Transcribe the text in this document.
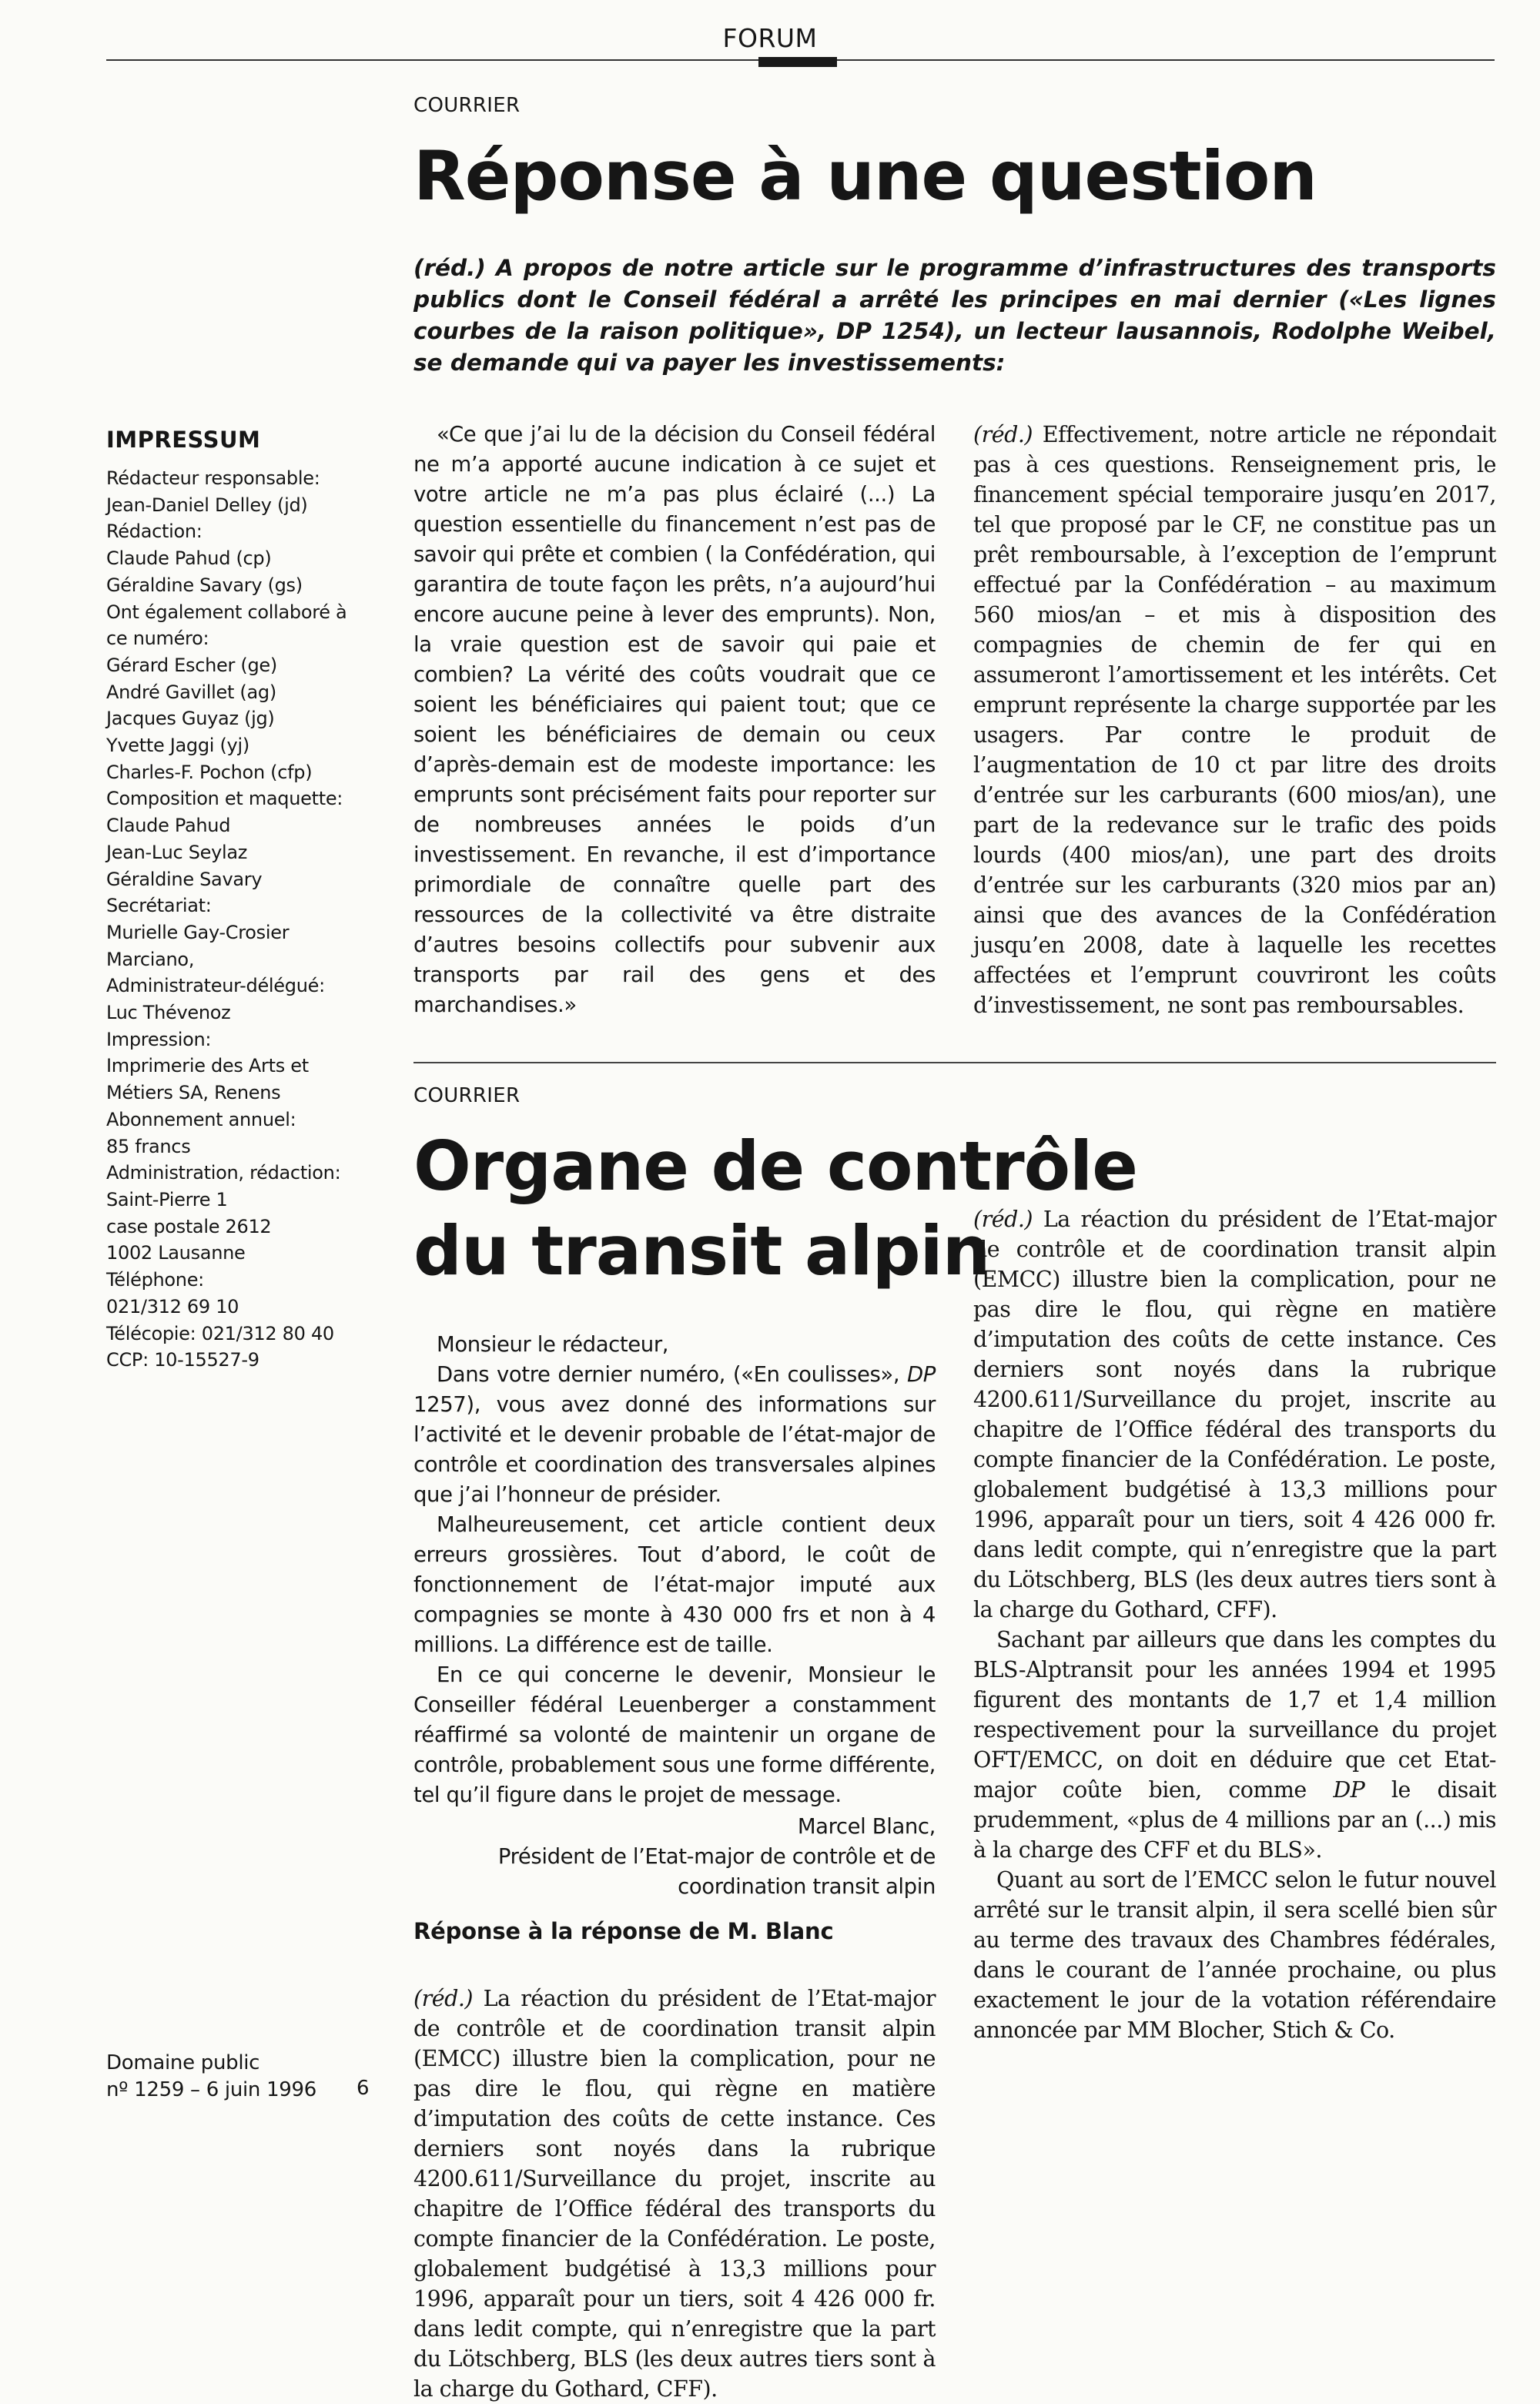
FORUM
COURRIER
Réponse à une question
(réd.) A propos de notre article sur le programme d’infrastructures des transports publics dont le Conseil fédéral a arrêté les principes en mai dernier («Les lignes courbes de la raison politique», DP 1254), un lecteur lausannois, Rodolphe Weibel, se demande qui va payer les investissements:

«Ce que j’ai lu de la décision du Conseil fédéral ne m’a apporté aucune indication à ce sujet et votre article ne m’a pas plus éclairé (...) La question essentielle du financement n’est pas de savoir qui prête et combien ( la Confédération, qui garantira de toute façon les prêts, n’a aujourd’hui encore aucune peine à lever des emprunts). Non, la vraie question est de savoir qui paie et combien? La vérité des coûts voudrait que ce soient les bénéficiaires qui paient tout; que ce soient les bénéficiaires de demain ou ceux d’après-demain est de modeste importance: les emprunts sont précisément faits pour reporter sur de nombreuses années le poids d’un investissement. En revanche, il est d’importance primordiale de connaître quelle part des ressources de la collectivité va être distraite d’autres besoins collectifs pour subvenir aux transports par rail des gens et des marchandises.»

(réd.) Effectivement, notre article ne répondait pas à ces questions. Renseignement pris, le financement spécial temporaire jusqu’en 2017, tel que proposé par le CF, ne constitue pas un prêt remboursable, à l’exception de l’emprunt effectué par la Confédération – au maximum 560 mios/an – et mis à disposition des compagnies de chemin de fer qui en assumeront l’amortissement et les intérêts. Cet emprunt représente la charge supportée par les usagers. Par contre le produit de l’augmentation de 10 ct par litre des droits d’entrée sur les carburants (600 mios/an), une part de la redevance sur le trafic des poids lourds (400 mios/an), une part des droits d’entrée sur les carburants (320 mios par an) ainsi que des avances de la Confédération jusqu’en 2008, date à laquelle les recettes affectées et l’emprunt couvriront les coûts d’investissement, ne sont pas remboursables.

COURRIER
Organe de contrôle
du transit alpin

Monsieur le rédacteur,

Dans votre dernier numéro, («En coulisses», DP 1257), vous avez donné des informations sur l’activité et le devenir probable de l’état-major de contrôle et coordination des transversales alpines que j’ai l’honneur de présider.

Malheureusement, cet article contient deux erreurs grossières. Tout d’abord, le coût de fonctionnement de l’état-major imputé aux compagnies se monte à 430 000 frs et non à 4 millions. La différence est de taille.

En ce qui concerne le devenir, Monsieur le Conseiller fédéral Leuenberger a constamment réaffirmé sa volonté de maintenir un organe de contrôle, probablement sous une forme différente, tel qu’il figure dans le projet de message.

Marcel Blanc,

Président de l’Etat-major de contrôle et de

coordination transit alpin

Réponse à la réponse de M. Blanc

(réd.) La réaction du président de l’Etat-major de contrôle et de coordination transit alpin (EMCC) illustre bien la complication, pour ne pas dire le flou, qui règne en matière d’imputation des coûts de cette instance. Ces derniers sont noyés dans la rubrique 4200.611/Surveillance du projet, inscrite au chapitre de l’Office fédéral des transports du compte financier de la Confédération. Le poste, globalement budgétisé à 13,3 millions pour 1996, apparaît pour un tiers, soit 4 426 000 fr. dans ledit compte, qui n’enregistre que la part du Lötschberg, BLS (les deux autres tiers sont à la charge du Gothard, CFF).

(réd.) La réaction du président de l’Etat-major de contrôle et de coordination transit alpin (EMCC) illustre bien la complication, pour ne pas dire le flou, qui règne en matière d’imputation des coûts de cette instance. Ces derniers sont noyés dans la rubrique 4200.611/Surveillance du projet, inscrite au chapitre de l’Office fédéral des transports du compte financier de la Confédération. Le poste, globalement budgétisé à 13,3 millions pour 1996, apparaît pour un tiers, soit 4 426 000 fr. dans ledit compte, qui n’enregistre que la part du Lötschberg, BLS (les deux autres tiers sont à la charge du Gothard, CFF).

Sachant par ailleurs que dans les comptes du BLS-Alptransit pour les années 1994 et 1995 figurent des montants de 1,7 et 1,4 million respectivement pour la surveillance du projet OFT/EMCC, on doit en déduire que cet Etat-major coûte bien, comme DP le disait prudemment, «plus de 4 millions par an (...) mis à la charge des CFF et du BLS».

Quant au sort de l’EMCC selon le futur nouvel arrêté sur le transit alpin, il sera scellé bien sûr au terme des travaux des Chambres fédérales, dans le courant de l’année prochaine, ou plus exactement le jour de la votation référendaire annoncée par MM Blocher, Stich & Co.

IMPRESSUM
Rédacteur responsable:
Jean-Daniel Delley (jd)
Rédaction:
Claude Pahud (cp)
Géraldine Savary (gs)
Ont également collaboré à
ce numéro:
Gérard Escher (ge)
André Gavillet (ag)
Jacques Guyaz (jg)
Yvette Jaggi (yj)
Charles-F. Pochon (cfp)
Composition et maquette:
Claude Pahud
Jean-Luc Seylaz
Géraldine Savary
Secrétariat:
Murielle Gay-Crosier
Marciano,
Administrateur-délégué:
Luc Thévenoz
Impression:
Imprimerie des Arts et
Métiers SA, Renens
Abonnement annuel:
85 francs
Administration, rédaction:
Saint-Pierre 1
case postale 2612
1002 Lausanne
Téléphone:
021/312 69 10
Télécopie: 021/312 80 40
CCP: 10-15527-9
Domaine public
nº 1259 – 6 juin 1996	6
